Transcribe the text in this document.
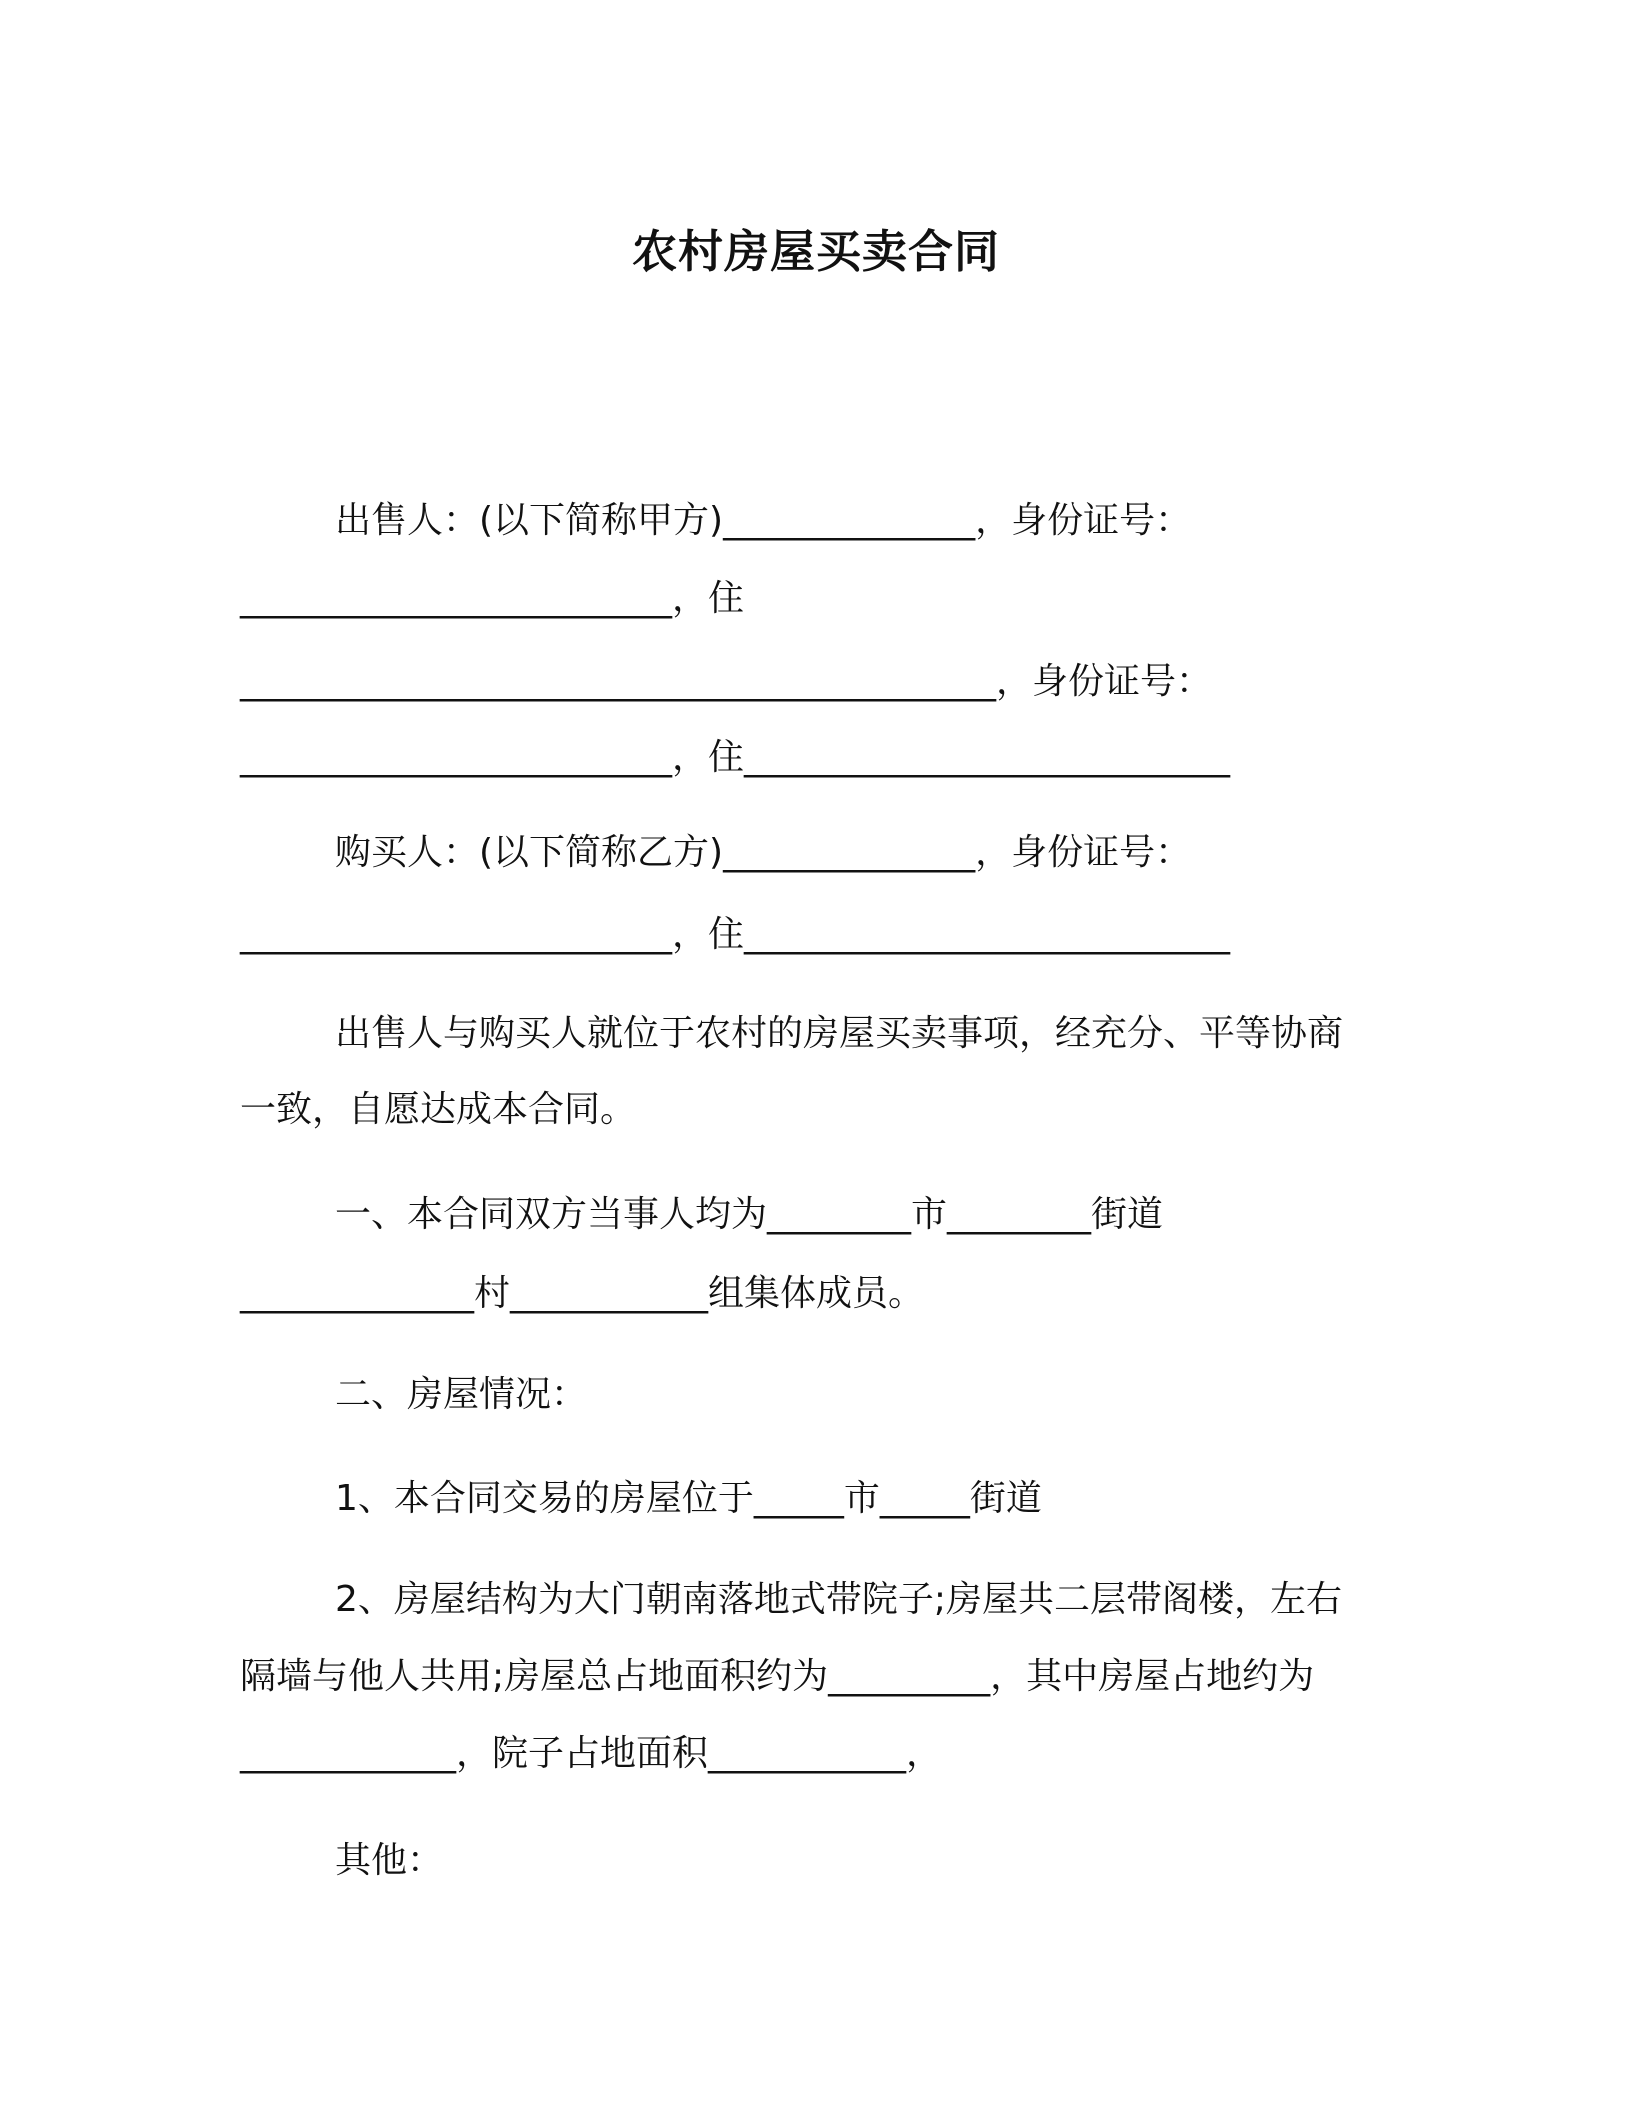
农村房屋买卖合同
出售人：(以下简称甲方)______________，身份证号：
________________________，住
__________________________________________，身份证号：
________________________，住___________________________
购买人：(以下简称乙方)______________，身份证号：
________________________，住___________________________
出售人与购买人就位于农村的房屋买卖事项，经充分、平等协商
一致，自愿达成本合同。
一、本合同双方当事人均为________市________街道
_____________村___________组集体成员。
二、房屋情况：
1、本合同交易的房屋位于_____市_____街道
2、房屋结构为大门朝南落地式带院子;房屋共二层带阁楼，左右
隔墙与他人共用;房屋总占地面积约为_________，其中房屋占地约为
____________，院子占地面积___________，
其他：
